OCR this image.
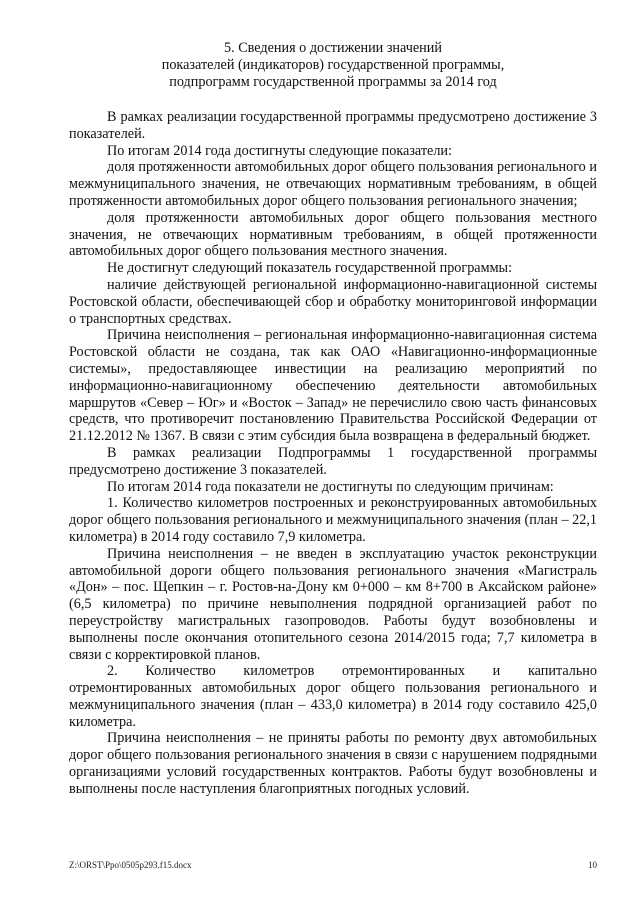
5. Сведения о достижении значений
показателей (индикаторов) государственной программы,
подпрограмм государственной программы за 2014 год

В рамках реализации государственной программы предусмотрено достижение 3 показателей.

По итогам 2014 года достигнуты следующие показатели:

доля протяженности автомобильных дорог общего пользования регионального и межмуниципального значения, не отвечающих нормативным требованиям, в общей протяженности автомобильных дорог общего пользования регионального значения;

доля протяженности автомобильных дорог общего пользования местного значения, не отвечающих нормативным требованиям, в общей протяженности автомобильных дорог общего пользования местного значения.

Не достигнут следующий показатель государственной программы:

наличие действующей региональной информационно-навигационной системы Ростовской области, обеспечивающей сбор и обработку мониторинговой информации о транспортных средствах.

Причина неисполнения – региональная информационно-навигационная система Ростовской области не создана, так как ОАО «Навигационно-информационные системы», предоставляющее инвестиции на реализацию мероприятий по информационно-навигационному обеспечению деятельности автомобильных маршрутов «Север – Юг» и «Восток – Запад» не перечислило свою часть финансовых средств, что противоречит постановлению Правительства Российской Федерации от 21.12.2012 № 1367. В связи с этим субсидия была возвращена в федеральный бюджет.

В рамках реализации Подпрограммы 1 государственной программы предусмотрено достижение 3 показателей.

По итогам 2014 года показатели не достигнуты по следующим причинам:

1. Количество километров построенных и реконструированных автомобильных дорог общего пользования регионального и межмуниципального значения (план – 22,1 километра) в 2014 году составило 7,9 километра.

Причина неисполнения – не введен в эксплуатацию участок реконструкции автомобильной дороги общего пользования регионального значения «Магистраль «Дон» – пос. Щепкин – г. Ростов-на-Дону км 0+000 – км 8+700 в Аксайском районе» (6,5 километра) по причине невыполнения подрядной организацией работ по переустройству магистральных газопроводов. Работы будут возобновлены и выполнены после окончания отопительного сезона 2014/2015 года; 7,7 километра в связи с корректировкой планов.

2. Количество километров отремонтированных и капитально отремонтированных автомобильных дорог общего пользования регионального и межмуниципального значения (план – 433,0 километра) в 2014 году составило 425,0 километра.

Причина неисполнения – не приняты работы по ремонту двух автомобильных дорог общего пользования регионального значения в связи с нарушением подрядными организациями условий государственных контрактов. Работы будут возобновлены и выполнены после наступления благоприятных погодных условий.

Z:\ORST\Ppo\0505p293.f15.docx	10
